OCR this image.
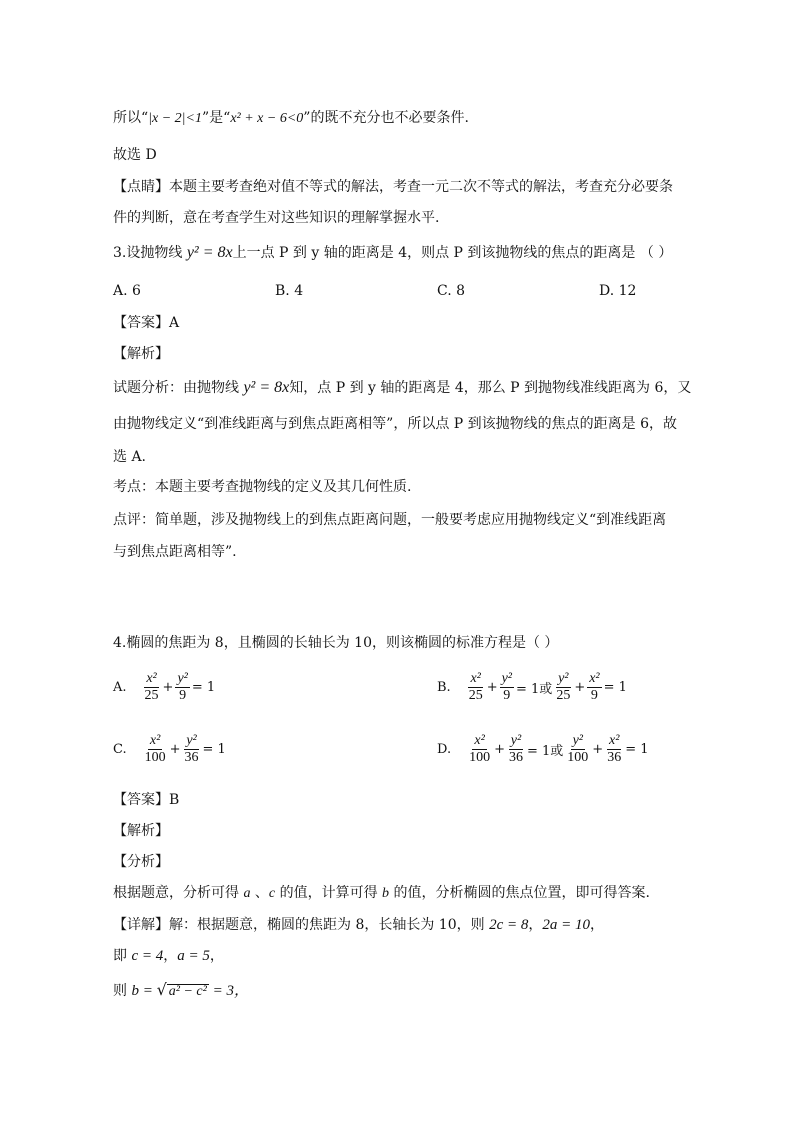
所以“|x − 2|<1”是“x² + x − 6<0”的既不充分也不必要条件.
故选 D
【点睛】本题主要考查绝对值不等式的解法，考查一元二次不等式的解法，考查充分必要条
件的判断，意在考查学生对这些知识的理解掌握水平.
3.设抛物线 y² = 8x上一点 P 到 y 轴的距离是 4，则点 P 到该抛物线的焦点的距离是 （ ）
A. 6	B. 4	C. 8	D. 12
【答案】A
【解析】
试题分析：由抛物线 y² = 8x知，点 P 到 y 轴的距离是 4，那么 P 到抛物线准线距离为 6，又
由抛物线定义“到准线距离与到焦点距离相等”，所以点 P 到该抛物线的焦点的距离是 6，故
选 A.
考点：本题主要考查抛物线的定义及其几何性质.
点评：简单题，涉及抛物线上的到焦点距离问题，一般要考虑应用抛物线定义“到准线距离
与到焦点距离相等”.
4.椭圆的焦距为 8，且椭圆的长轴长为 10，则该椭圆的标准方程是（ ）
A. $\frac{\text{x²}}{25} + \frac{\text{y²}}{9} = 1$	B. $\frac{\text{x²}}{25} + \frac{\text{y²}}{9} = 1$或 $\frac{\text{y²}}{25} + \frac{\text{x²}}{9} = 1$
C. $\frac{\text{x²}}{100} + \frac{\text{y²}}{36} = 1$	D. $\frac{\text{x²}}{100} + \frac{\text{y²}}{36} = 1$或 $\frac{\text{y²}}{100} + \frac{\text{x²}}{36} = 1$
【答案】B
【解析】
【分析】
根据题意，分析可得 a 、c 的值，计算可得 b 的值，分析椭圆的焦点位置，即可得答案.
【详解】解：根据题意，椭圆的焦距为 8，长轴长为 10，则 2c = 8，2a = 10，
即 c = 4，a = 5，
则 b = √ a² − c² = 3，
